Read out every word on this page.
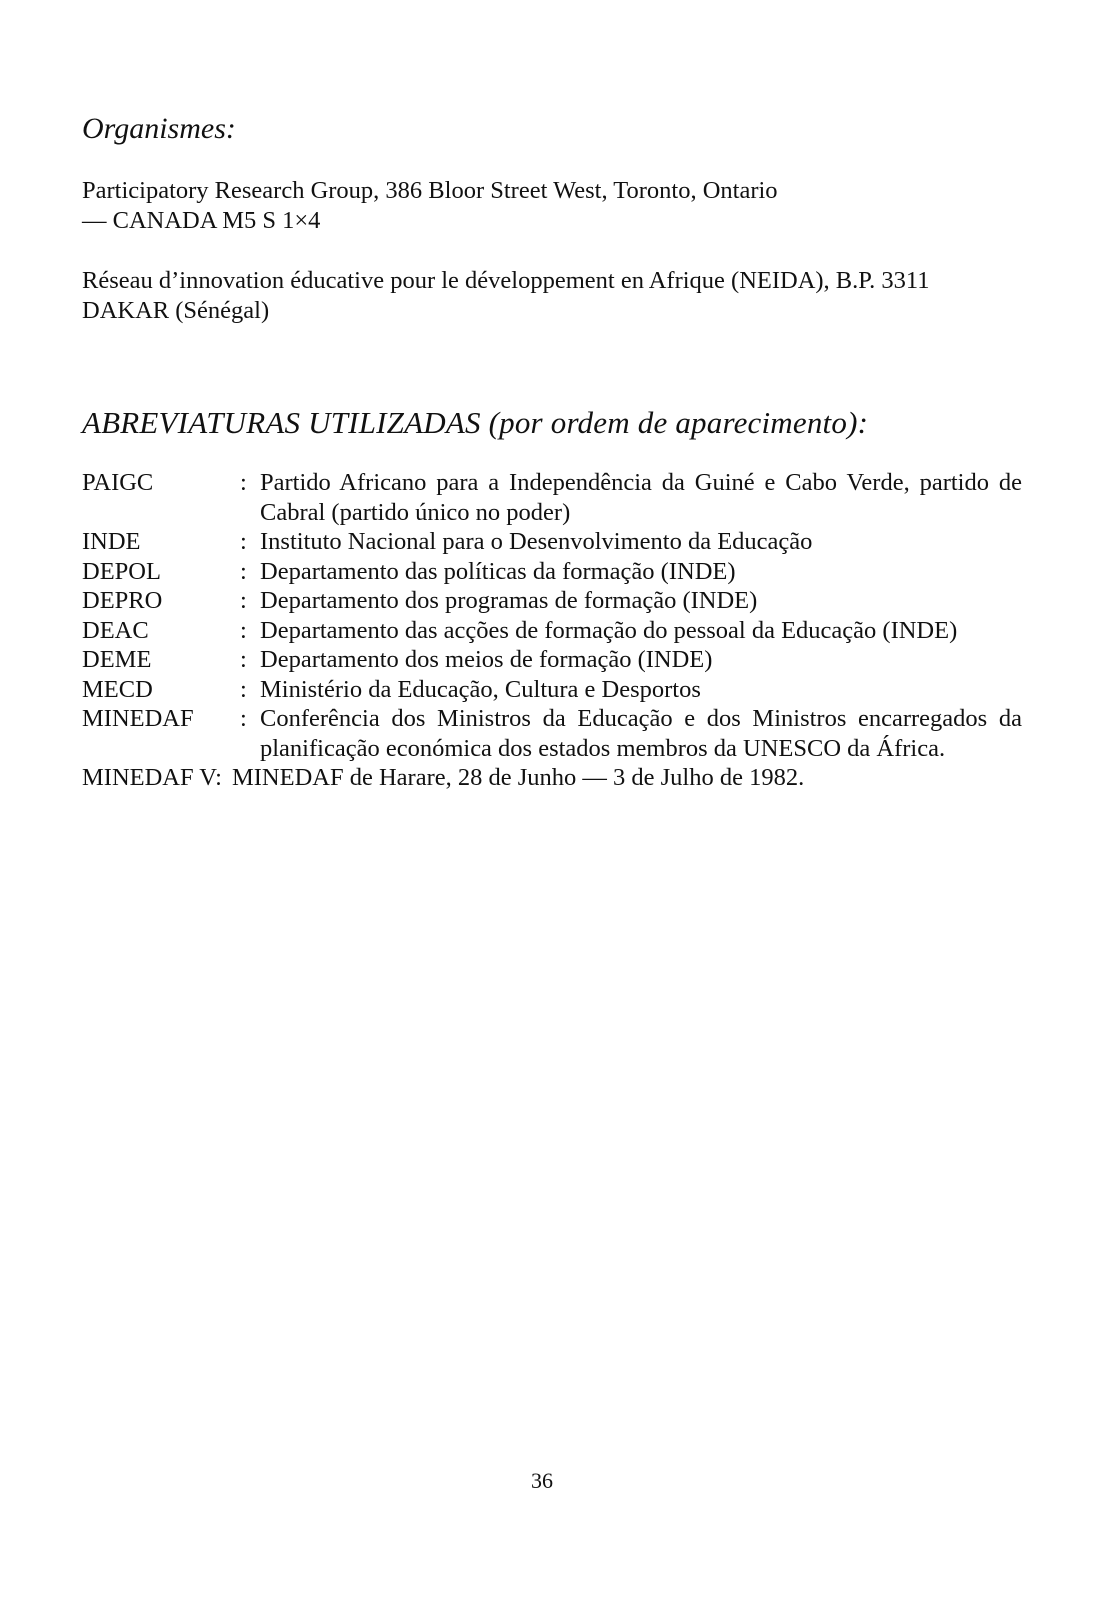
Organismes:

Participatory Research Group, 386 Bloor Street West, Toronto, Ontario
— CANADA M5 S 1×4

Réseau d’innovation éducative pour le développement en Afrique (NEIDA), B.P. 3311
DAKAR (Sénégal)

ABREVIATURAS UTILIZADAS (por ordem de aparecimento):
PAIGC	: Partido Africano para a Independência da Guiné e Cabo Verde, partido de Cabral (partido único no poder)
INDE	: Instituto Nacional para o Desenvolvimento da Educação
DEPOL	: Departamento das políticas da formação (INDE)
DEPRO	: Departamento dos programas de formação (INDE)
DEAC	: Departamento das acções de formação do pessoal da Educação (INDE)
DEME	: Departamento dos meios de formação (INDE)
MECD	: Ministério da Educação, Cultura e Desportos
MINEDAF	: Conferência dos Ministros da Educação e dos Ministros encarregados da planificação económica dos estados membros da UNESCO da África.
MINEDAF V: MINEDAF de Harare, 28 de Junho — 3 de Julho de 1982.
36
